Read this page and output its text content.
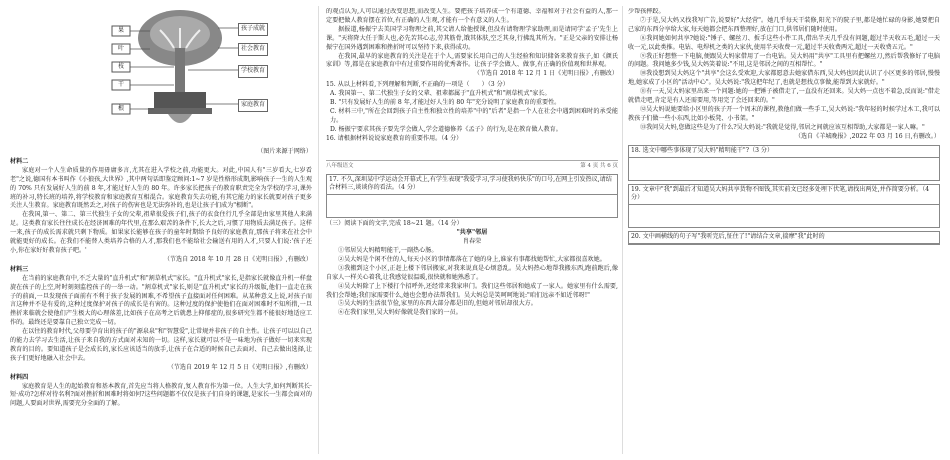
果
叶
枝
干
根
孩子成就
社会教育
学校教育
家庭教育

（图片来源于网络）

材料二

家庭对一个人生命质量的作用毋庸多言,尤其在进入学校之前,功能更大。对此,中国人有"三岁看大,七岁看老"之说,德国有本书叫作《小狼孩,大世界》,其中两句话即鉴定顾问:1~7 岁是性格形成期,影响孩子一生的人生观的 70% 只有发展好人生的前 8 年,才能过好人生的 80 年。许多家长把孩子的教育职责完全为学校的学习,课外班的补习,特长班的培养,将学校教育和家庭教育互相混合。家庭教育失去功能,有其它能力的家长就要对孩子更多关注人生教育。家庭教育既然丢之,对孩子的伤害也是无法弥补的,也是让孩子们成为"根断"。

在我国,第一、第二、第三代独生子女的父辈,祖辈很爱孩子们,孩子的衣食住行几乎全部是由家里其他人来满足。这类教育家长往往成长在经济困难的年代里,在那么艰苦的条件下,长大之后,习惯了用物质去满足孩子。这样一来,孩子的成长需求就只剩下物质。如果家长能够在孩子的童年时期给予良好的家庭教育,那孩子将来在社会中就能更好的成长。在我们不能替人类培养合格的人才,那我们也不能给社会输送有用的人才,只要人们说:'孩子还小,你在家好好教育孩子吧。'

（节选自 2018 年 10 月 28 日《光明日报》,有删改）

材料三

在当前的家庭教育中,不乏大量的"直升机式"和"割草机式"家长。"直升机式"家长,是指家长就像直升机一样盘旋在孩子的上空,时时刻刻监控孩子的一举一动。"割草机式"家长,则是"直升机式"家长的升级版,他们一直走在孩子的前面,一旦发现孩子面前有不利于孩子发展的困难,不希望孩子直接面对任何困难。从某种意义上说,对孩子而言这种并不是有爱的,这种过度保护对孩子的成长是有害的。这种过度的保护使他们在面对困难时不知所措,一旦挫折来临就会使他们产生极大的心理落差,比如孩子在高考之后就患上抑郁症的,很多研究生都不能很好地适应工作的。最终还是要靠自己独立完成一切。

在以往的教育时代,父母要孕育出的孩子的"源泉泉"和"智慧爱",让常规并非孩子的自主性。让孩子可以以自己的能力去学习去生活,让孩子来自我的方式面对未知的一切。这样,家长就可以不是一味地为孩子做好一切来实现教育的目的。要知道孩子是会成长的,家长应该适当的放手,让孩子在合适的时候自己去面对、自己去做出选择,让孩子们更好地融入社会中去。

（节选自 2019 年 12 月 5 日《光明日报》,有删改）

材料四

家庭教育是人生的起始教育和基本教育,首先应当将人格教育,复人教育作为第一位。人生大学,如何判断其长·短·成功?怎样对待名利?面对挫折和困难时将如何?这些问题都不仅仅是孩子们自身的课题,是家长一生都会面对的问题,人要面对世界,需要充分全面的了解。

的观点认为,人可以通过改变思想,而改变人生。要把孩子培养成一个有道德、幸福和对于社会有益的人,那一定要把做人教育摆在首位,有正确的人生观,才能有一个有意义的人生。

据报道,杨振宁去美国学习物理之前,其父请人给他授课,但没有请物理学家助理,而是请同学'孟子'先生上课。"天将降大任于斯人也,必先苦其心志,劳其筋骨,饿其体肤,空乏其身,行拂乱其所为。"正是父亲的安排让杨振宁在国外遇到困难和挫折时可以坚持下来,获得成功。

在我国,最早的家庭教育的关注是在于个人,需要家长用自己的人生经验和知识储备来教育孩子,如《颜氏家训》等,都是在家庭教育中有过重要作用的优秀著作。让孩子学会做人、做事,有正确的价值观和世界观。

（节选自 2018 年 12 月 1 日《光明日报》,有删改）

15. 从以上材料看,下列理解和判断,不正确的一项是（　　）（3 分）

A. 我国第一、第二代独生子女的父辈、祖辈都属于"直升机式"和"割草机式"家长。

B. "只有发展好人生的前 8 年,才能过好人生的 80 年"充分说明了家庭教育的重要性。

C. 材料三中,"所在会回到孩子自主性和独立性的培养"中的"后者"是指一个人在社会中遇到困难时的承受能力。

D. 杨振宁要求其孩子要先学会做人,学会道德修养《孟子》的行为,是在教育做人教育。

16. 请根据材料说说家庭教育的重要作用。（4 分）

八年级语文	第 4 页 共 6 页
17. 不久,深圳某中学运动会开幕式上,有学生表现"我爱学习,学习使我妈快乐"的口号,在网上引发热议,请结合材料三,谈谈你的看法。（4 分）

（三）阅读下面的文字,完成 18~21 题。（14 分）

"共享"邻居

肖春荣

①邻居吴大妈精明能干,一副热心肠。

②吴大妈是个闲不住的人,每天小区的事情都落在了她的身上,谁家有事都找她帮忙,大家都很喜欢她。

③我搬到这个小区,正赶上楼下邻居搬家,对我来说真是心烦意乱。吴大妈热心地帮我搬东西,跑前跑后,像自家人一样关心着我,让我感觉很温暖,很快就和她熟悉了。

④吴大妈除了上下楼打个招呼外,还经常来我家串门。我们这些邻居和她成了一家人。她家里有什么需要,我们会帮她;我们家需要什么,她也会想办法帮我们。吴大妈总是笑呵呵地说:"咱们远亲不如近邻呀!"

⑤吴大妈的生活很节俭,家里的东西大部分都是旧的,但她对邻居却很大方。

⑥在我们家里,吴大妈好像就是我们家的一员。

少帮孩摔跤。

⑦于是,吴大妈又找我写广告,说要好"大经营"。她几乎每天干装修,阳光下的院子里,都是她忙碌的身影,她要把自己家的东西分享给大家,每天她都会把东西整理好,放在门口,供邻居们随时使用。

⑧我问她如何共享?她说:"锤子、螺丝刀、扳手这些小件工具,借出半天几乎没有问题,超过半天收五毛,超过一天收一元,以此类推。电钻、电焊机之类的大家伙,使用半天收费一元,超过半天收费两元,超过一天收费五元。"

⑨我正好想整一下电脑,便跟吴大妈家借用了一台电钻。吴大妈用"共享"工具里有把螺丝刀,然后帮我修好了电脑的问题。我问她多少钱,吴大妈笑着说:"不用,这是邻居之间的互相帮忙。"

⑩我没想到吴大妈这个"共享"会这么受欢迎,大家都愿意去她家借东西,吴大妈也因此认识了小区更多的邻居,慢慢地,她家成了小区的"活动中心"。吴大妈说:"我这把年纪了,也就是想找点事做,能帮到大家就好。"

⑪有一天,吴大妈家里出来一个问题:她的一把锤子被借走了,一直没有还回来。吴大妈一点也不着急,反而说:"借走就借走吧,肯定是有人还需要用,等用完了会还回来的。"

⑫吴大妈说她要给小区里的孩子开一个周末的课程,教他们做一些手工,吴大妈说:"我年轻的时候学过木工,我可以教孩子们做一些小东西,比如小板凳、小书架。"

⑬我问吴大妈,您做这些是为了什么?吴大妈说:"我就是觉得,邻居之间就应该互相帮助,大家都是一家人嘛。"

（选自《羊城晚报》,2022 年 03 月 16 日,有删改。）

18. 选文中哪些事体现了吴大妈"精明能干"?（3 分）
19. 文章中"我"到最后才知道吴大妈共享货物不图钱,其实前文已经多处埋下伏笔,请找出两处,并作简要分析。（4 分）
20. 文中画横线的句子写"我听完后,怔住了!"请结合文章,揣摩"我"此时的
